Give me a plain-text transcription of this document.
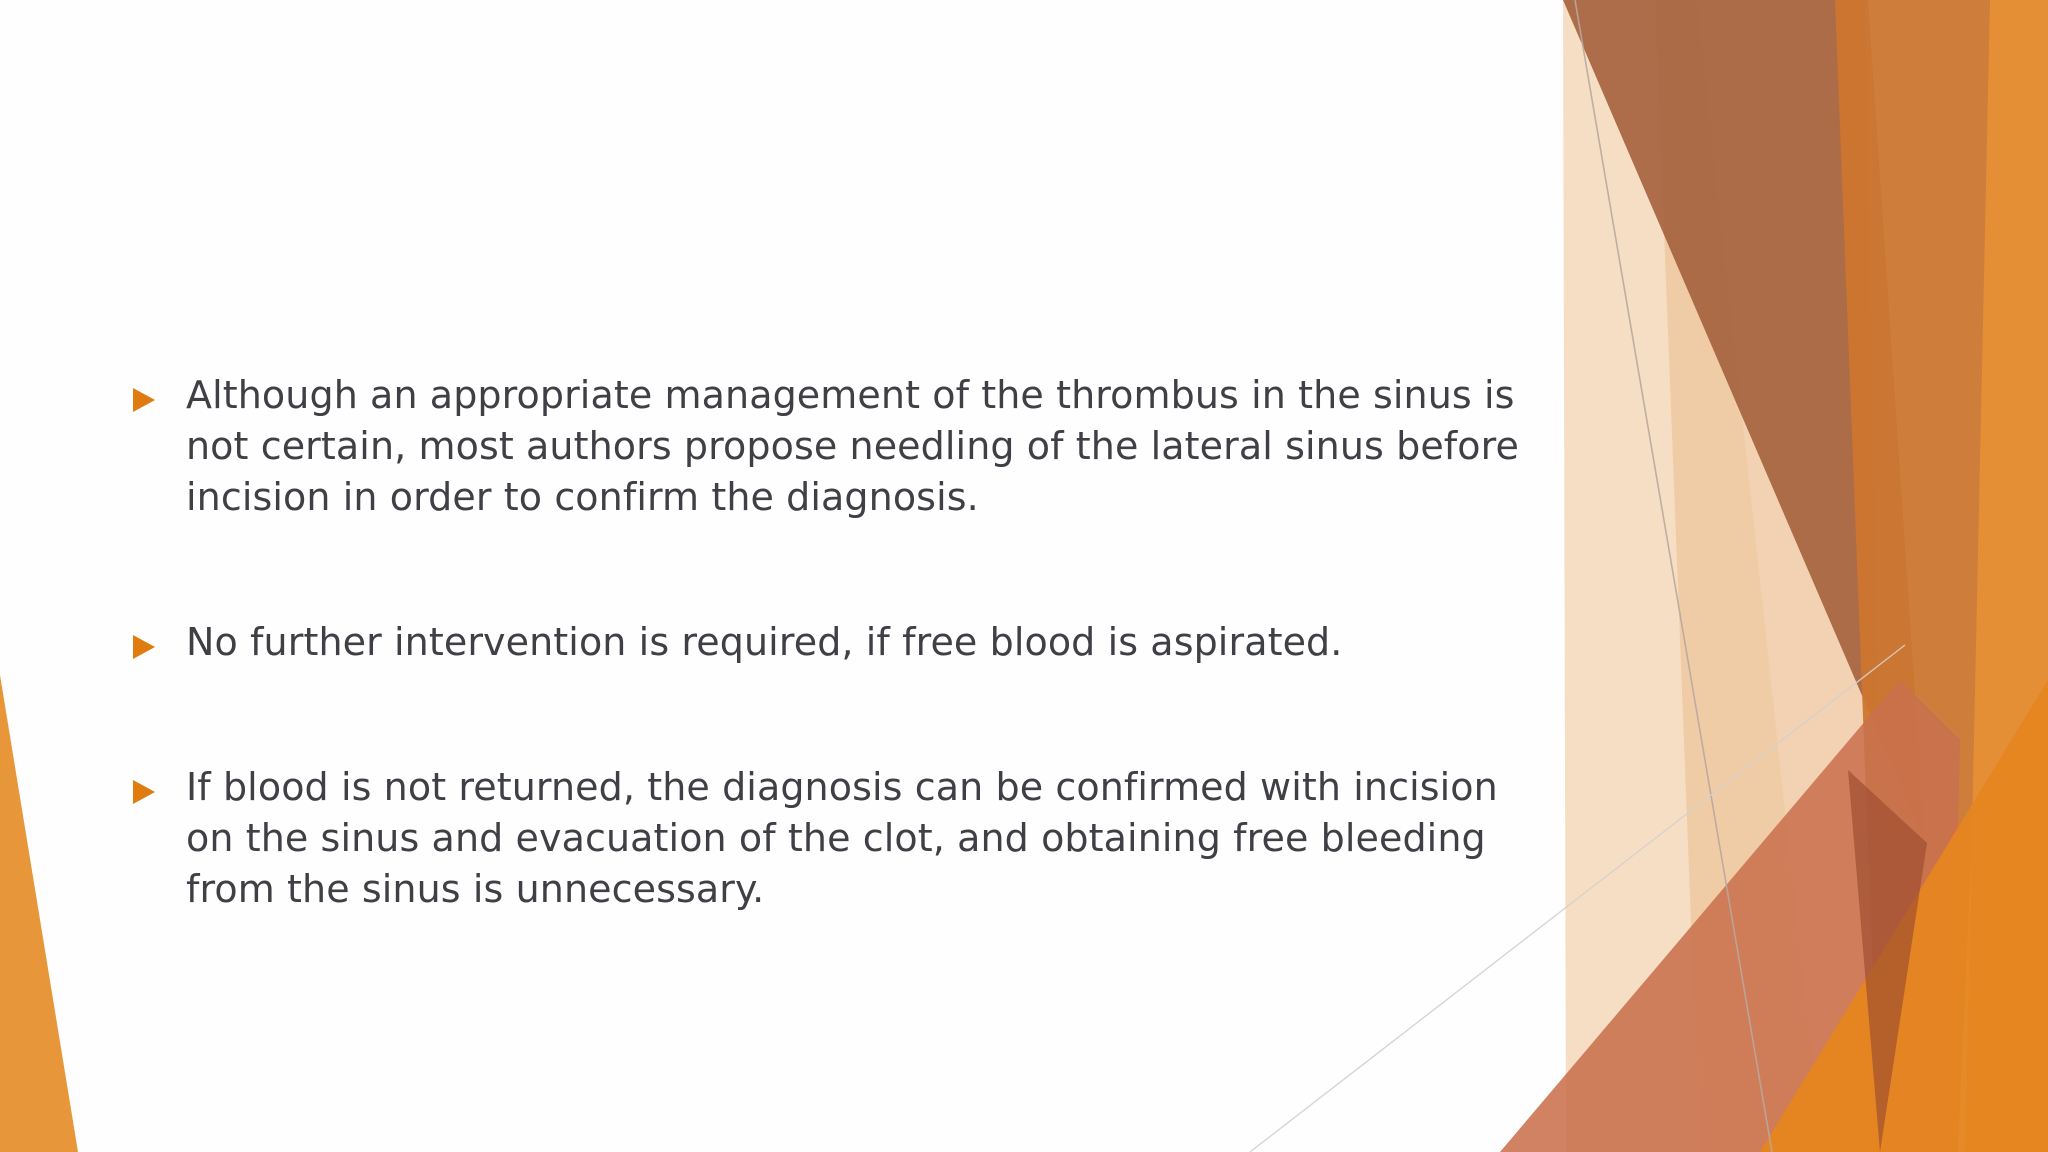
Although an appropriate management of the thrombus in the sinus is
not certain, most authors propose needling of the lateral sinus before
incision in order to confirm the diagnosis.
No further intervention is required, if free blood is aspirated.
If blood is not returned, the diagnosis can be confirmed with incision
on the sinus and evacuation of the clot, and obtaining free bleeding
from the sinus is unnecessary.
